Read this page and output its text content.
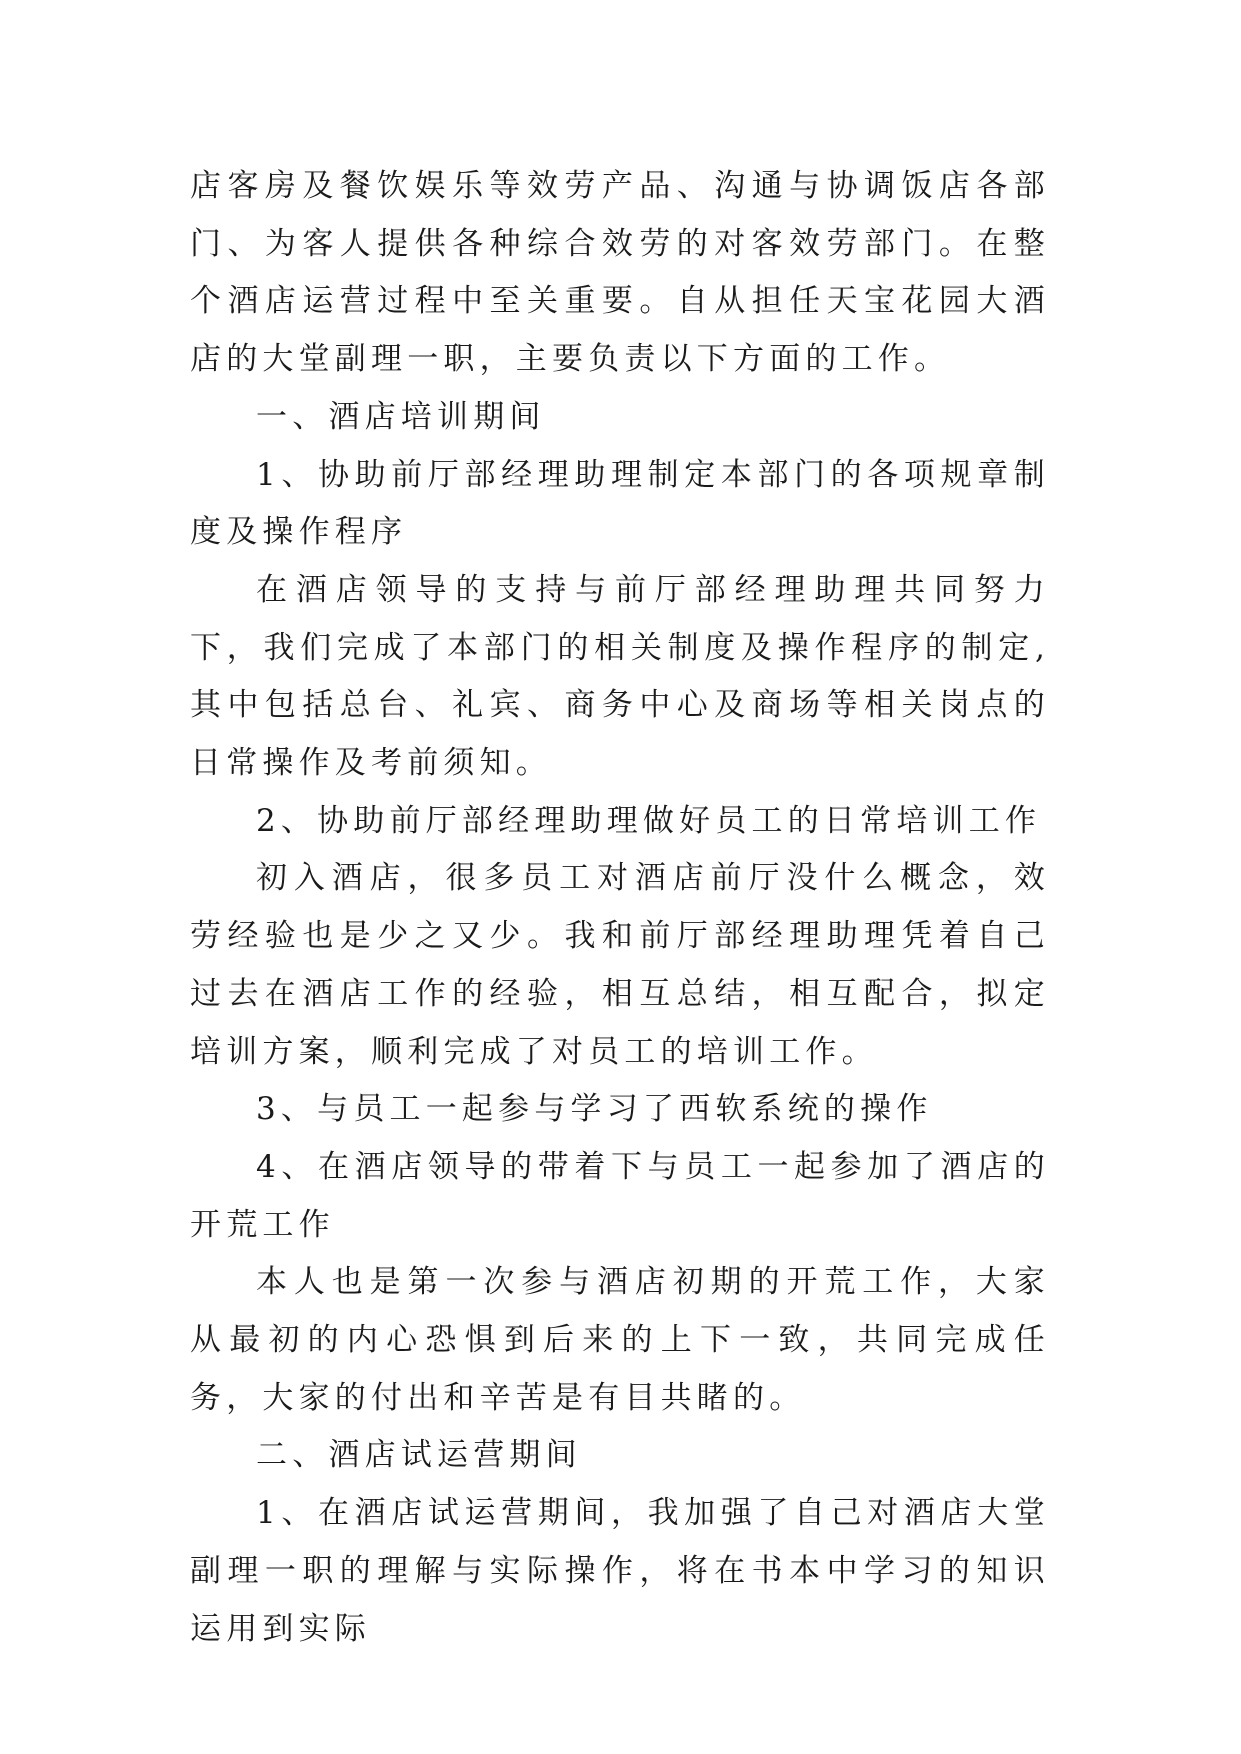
店客房及餐饮娱乐等效劳产品、沟通与协调饭店各部门、为客人提供各种综合效劳的对客效劳部门。在整个酒店运营过程中至关重要。自从担任天宝花园大酒店的大堂副理一职，主要负责以下方面的工作。

一、酒店培训期间

1、协助前厅部经理助理制定本部门的各项规章制度及操作程序

在酒店领导的支持与前厅部经理助理共同努力下，我们完成了本部门的相关制度及操作程序的制定,其中包括总台、礼宾、商务中心及商场等相关岗点的日常操作及考前须知。

2、协助前厅部经理助理做好员工的日常培训工作

初入酒店，很多员工对酒店前厅没什么概念，效劳经验也是少之又少。我和前厅部经理助理凭着自己过去在酒店工作的经验，相互总结，相互配合，拟定培训方案，顺利完成了对员工的培训工作。

3、与员工一起参与学习了西软系统的操作

4、在酒店领导的带着下与员工一起参加了酒店的开荒工作

本人也是第一次参与酒店初期的开荒工作，大家从最初的内心恐惧到后来的上下一致，共同完成任务，大家的付出和辛苦是有目共睹的。

二、酒店试运营期间

1、在酒店试运营期间，我加强了自己对酒店大堂副理一职的理解与实际操作，将在书本中学习的知识运用到实际
